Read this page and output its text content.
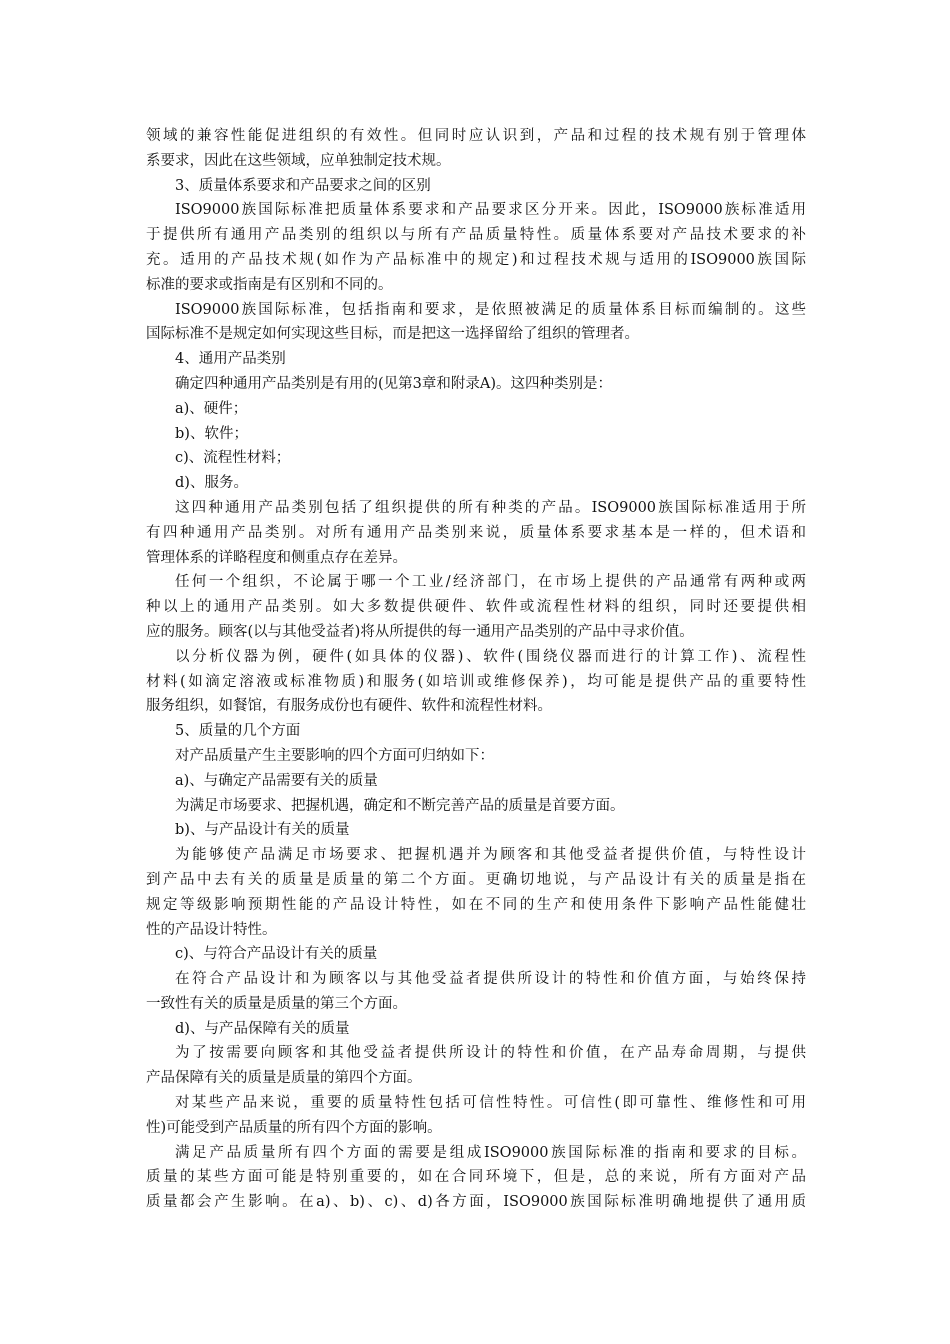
领域的兼容性能促进组织的有效性。但同时应认识到，产品和过程的技术规有别于管理体
系要求，因此在这些领域，应单独制定技术规。
3、质量体系要求和产品要求之间的区别
ISO9000族国际标准把质量体系要求和产品要求区分开来。因此，ISO9000族标准适用
于提供所有通用产品类别的组织以与所有产品质量特性。质量体系要对产品技术要求的补
充。适用的产品技术规(如作为产品标准中的规定)和过程技术规与适用的ISO9000族国际
标准的要求或指南是有区别和不同的。
ISO9000族国际标准，包括指南和要求，是依照被满足的质量体系目标而编制的。这些
国际标准不是规定如何实现这些目标，而是把这一选择留给了组织的管理者。
4、通用产品类别
确定四种通用产品类别是有用的(见第3章和附录A)。这四种类别是：
a)、硬件；
b)、软件；
c)、流程性材料；
d)、服务。
这四种通用产品类别包括了组织提供的所有种类的产品。ISO9000族国际标准适用于所
有四种通用产品类别。对所有通用产品类别来说，质量体系要求基本是一样的，但术语和
管理体系的详略程度和侧重点存在差异。
任何一个组织，不论属于哪一个工业/经济部门，在市场上提供的产品通常有两种或两
种以上的通用产品类别。如大多数提供硬件、软件或流程性材料的组织，同时还要提供相
应的服务。顾客(以与其他受益者)将从所提供的每一通用产品类别的产品中寻求价值。
以分析仪器为例，硬件(如具体的仪器)、软件(围绕仪器而进行的计算工作)、流程性
材料(如滴定溶液或标准物质)和服务(如培训或维修保养)，均可能是提供产品的重要特性
服务组织，如餐馆，有服务成份也有硬件、软件和流程性材料。
5、质量的几个方面
对产品质量产生主要影响的四个方面可归纳如下：
a)、与确定产品需要有关的质量
为满足市场要求、把握机遇，确定和不断完善产品的质量是首要方面。
b)、与产品设计有关的质量
为能够使产品满足市场要求、把握机遇并为顾客和其他受益者提供价值，与特性设计
到产品中去有关的质量是质量的第二个方面。更确切地说，与产品设计有关的质量是指在
规定等级影响预期性能的产品设计特性，如在不同的生产和使用条件下影响产品性能健壮
性的产品设计特性。
c)、与符合产品设计有关的质量
在符合产品设计和为顾客以与其他受益者提供所设计的特性和价值方面，与始终保持
一致性有关的质量是质量的第三个方面。
d)、与产品保障有关的质量
为了按需要向顾客和其他受益者提供所设计的特性和价值，在产品寿命周期，与提供
产品保障有关的质量是质量的第四个方面。
对某些产品来说，重要的质量特性包括可信性特性。可信性(即可靠性、维修性和可用
性)可能受到产品质量的所有四个方面的影响。
满足产品质量所有四个方面的需要是组成ISO9000族国际标准的指南和要求的目标。
质量的某些方面可能是特别重要的，如在合同环境下，但是，总的来说，所有方面对产品
质量都会产生影响。在a)、b)、c)、d)各方面，ISO9000族国际标准明确地提供了通用质
